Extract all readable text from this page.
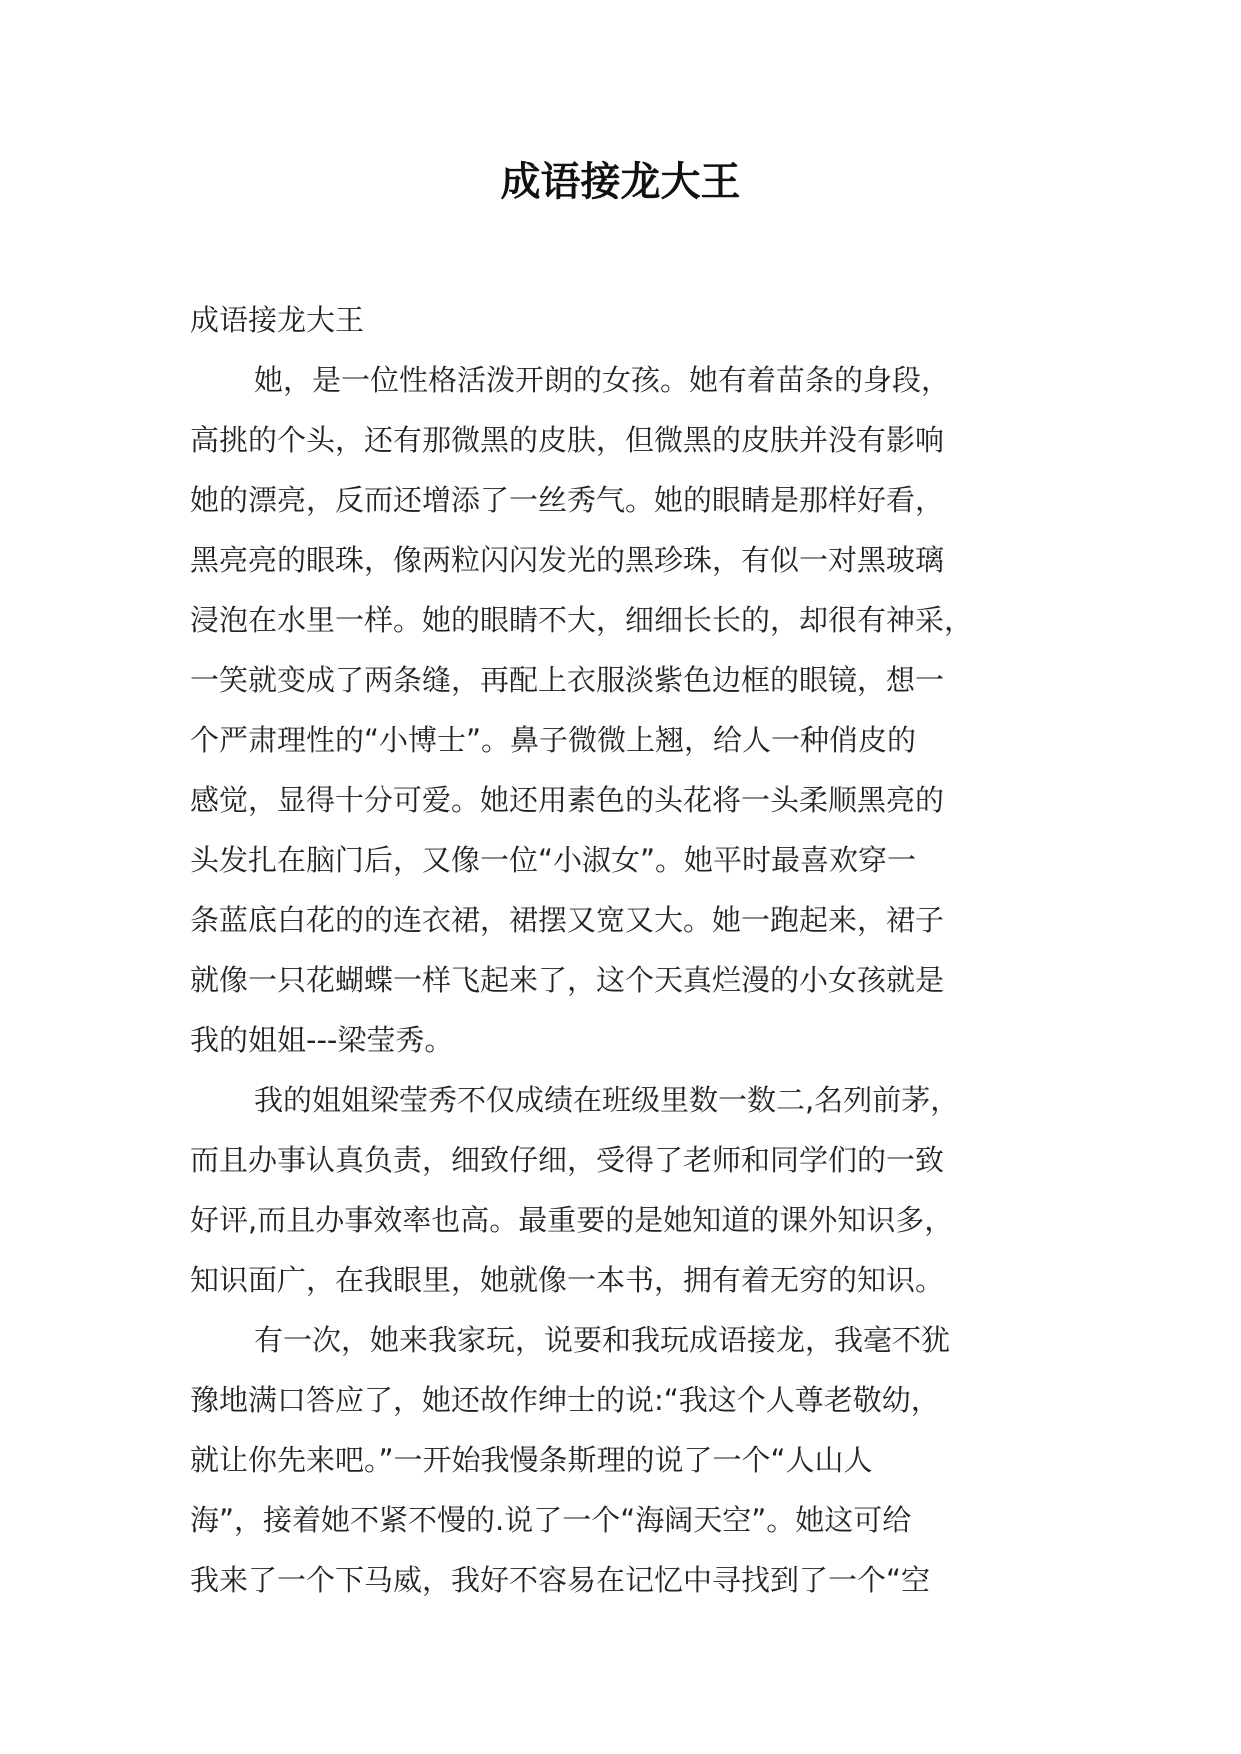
成语接龙大王
成语接龙大王
她，是一位性格活泼开朗的女孩。她有着苗条的身段，
高挑的个头，还有那微黑的皮肤，但微黑的皮肤并没有影响
她的漂亮，反而还增添了一丝秀气。她的眼睛是那样好看，
黑亮亮的眼珠，像两粒闪闪发光的黑珍珠，有似一对黑玻璃
浸泡在水里一样。她的眼睛不大，细细长长的，却很有神采，
一笑就变成了两条缝，再配上衣服淡紫色边框的眼镜，想一
个严肃理性的“小博士”。鼻子微微上翘，给人一种俏皮的
感觉，显得十分可爱。她还用素色的头花将一头柔顺黑亮的
头发扎在脑门后，又像一位“小淑女”。她平时最喜欢穿一
条蓝底白花的的连衣裙，裙摆又宽又大。她一跑起来，裙子
就像一只花蝴蝶一样飞起来了，这个天真烂漫的小女孩就是
我的姐姐---梁莹秀。
我的姐姐梁莹秀不仅成绩在班级里数一数二,名列前茅，
而且办事认真负责，细致仔细，受得了老师和同学们的一致
好评,而且办事效率也高。最重要的是她知道的课外知识多，
知识面广，在我眼里，她就像一本书，拥有着无穷的知识。
有一次，她来我家玩，说要和我玩成语接龙，我毫不犹
豫地满口答应了，她还故作绅士的说:“我这个人尊老敬幼，
就让你先来吧。”一开始我慢条斯理的说了一个“人山人
海”，接着她不紧不慢的.说了一个“海阔天空”。她这可给
我来了一个下马威，我好不容易在记忆中寻找到了一个“空
